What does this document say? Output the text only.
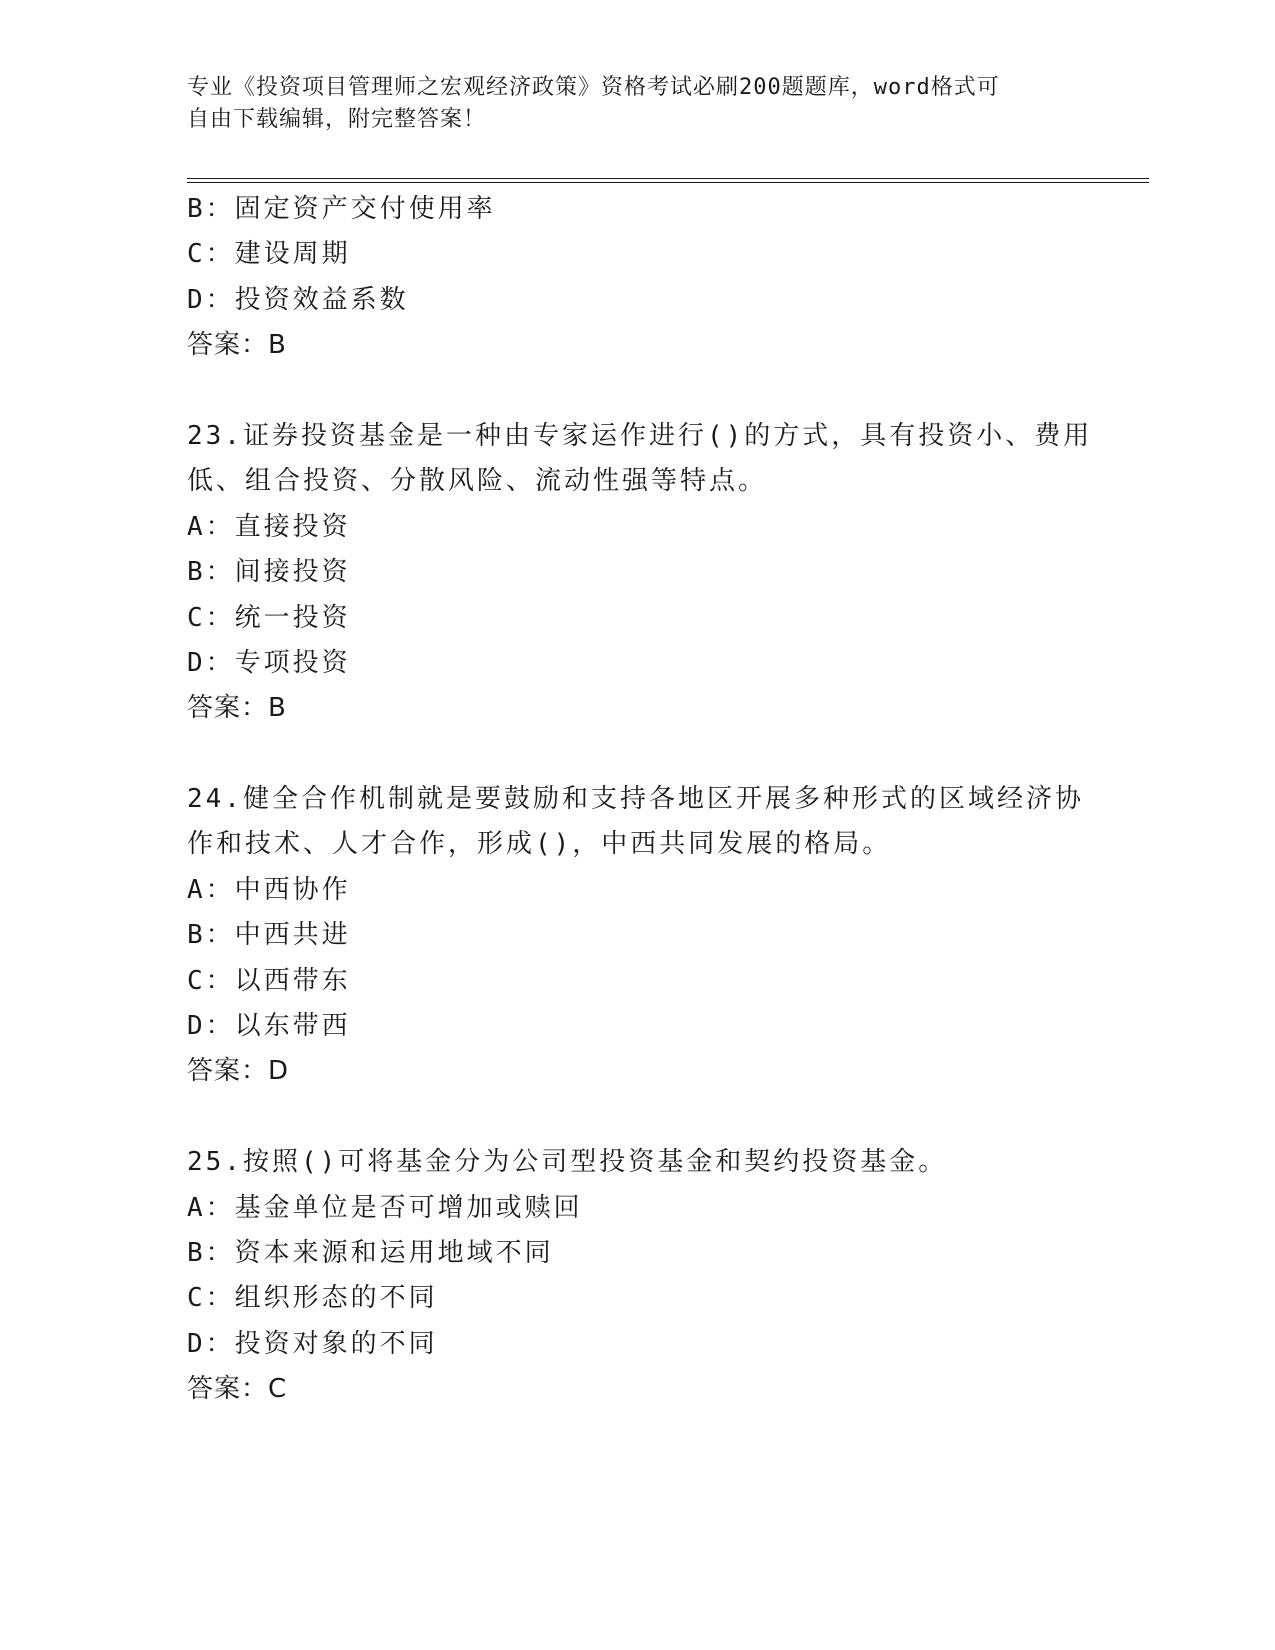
专业《投资项目管理师之宏观经济政策》资格考试必刷200题题库，word格式可
自由下载编辑，附完整答案！
B：固定资产交付使用率
C：建设周期
D：投资效益系数
答案：B
23.证券投资基金是一种由专家运作进行()的方式，具有投资小、费用
低、组合投资、分散风险、流动性强等特点。
A：直接投资
B：间接投资
C：统一投资
D：专项投资
答案：B
24.健全合作机制就是要鼓励和支持各地区开展多种形式的区域经济协
作和技术、人才合作，形成()，中西共同发展的格局。
A：中西协作
B：中西共进
C：以西带东
D：以东带西
答案：D
25.按照()可将基金分为公司型投资基金和契约投资基金。
A：基金单位是否可增加或赎回
B：资本来源和运用地域不同
C：组织形态的不同
D：投资对象的不同
答案：C
